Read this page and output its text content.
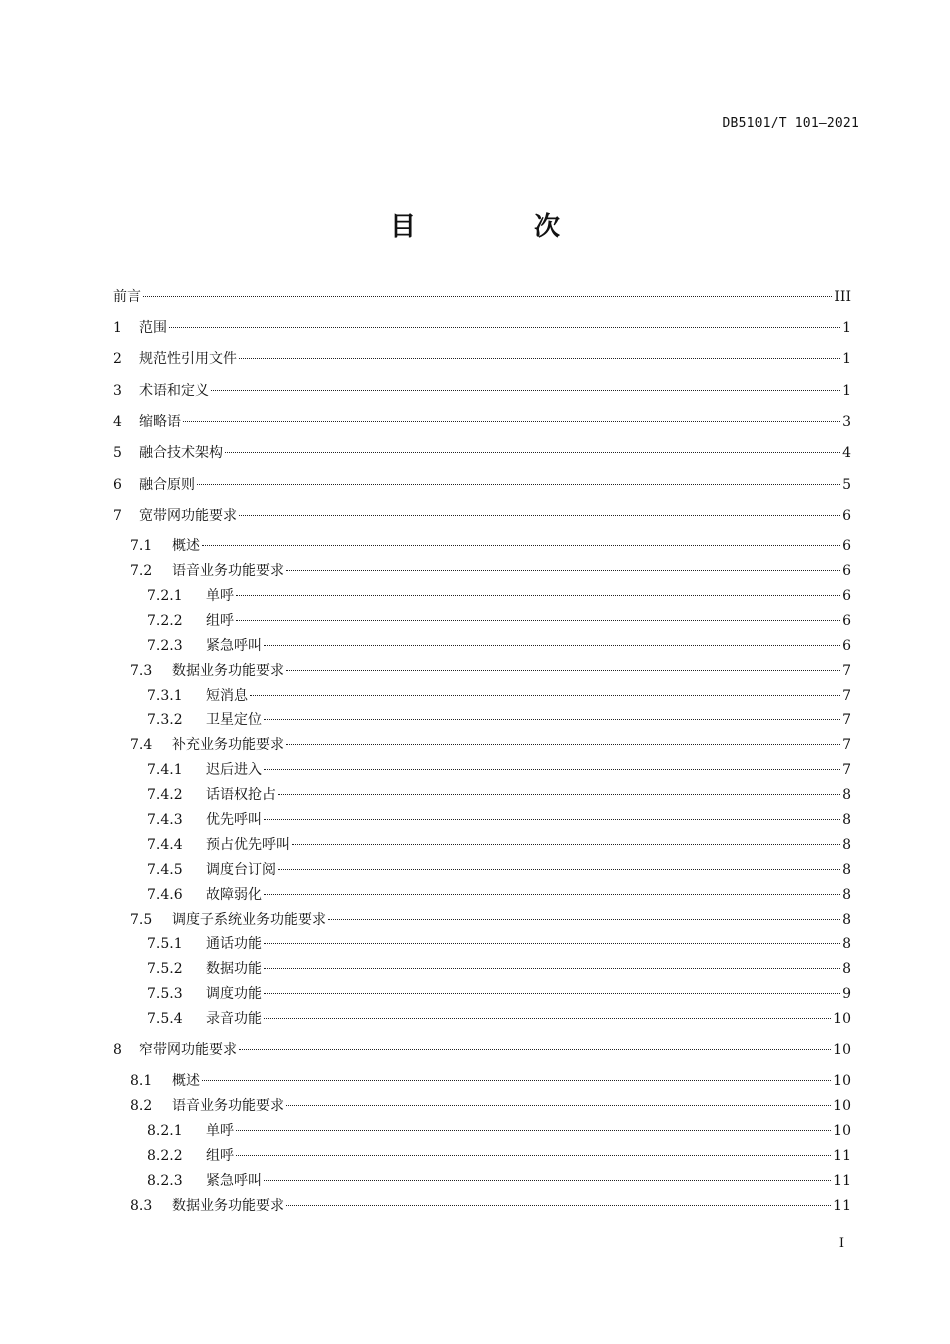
DB5101/T 101—2021
目　次
前言	III
1	范围	1
2	规范性引用文件	1
3	术语和定义	1
4	缩略语	3
5	融合技术架构	4
6	融合原则	5
7	宽带网功能要求	6
7.1	概述	6
7.2	语音业务功能要求	6
7.2.1	单呼	6
7.2.2	组呼	6
7.2.3	紧急呼叫	6
7.3	数据业务功能要求	7
7.3.1	短消息	7
7.3.2	卫星定位	7
7.4	补充业务功能要求	7
7.4.1	迟后进入	7
7.4.2	话语权抢占	8
7.4.3	优先呼叫	8
7.4.4	预占优先呼叫	8
7.4.5	调度台订阅	8
7.4.6	故障弱化	8
7.5	调度子系统业务功能要求	8
7.5.1	通话功能	8
7.5.2	数据功能	8
7.5.3	调度功能	9
7.5.4	录音功能	10
8	窄带网功能要求	10
8.1	概述	10
8.2	语音业务功能要求	10
8.2.1	单呼	10
8.2.2	组呼	11
8.2.3	紧急呼叫	11
8.3	数据业务功能要求	11
I
